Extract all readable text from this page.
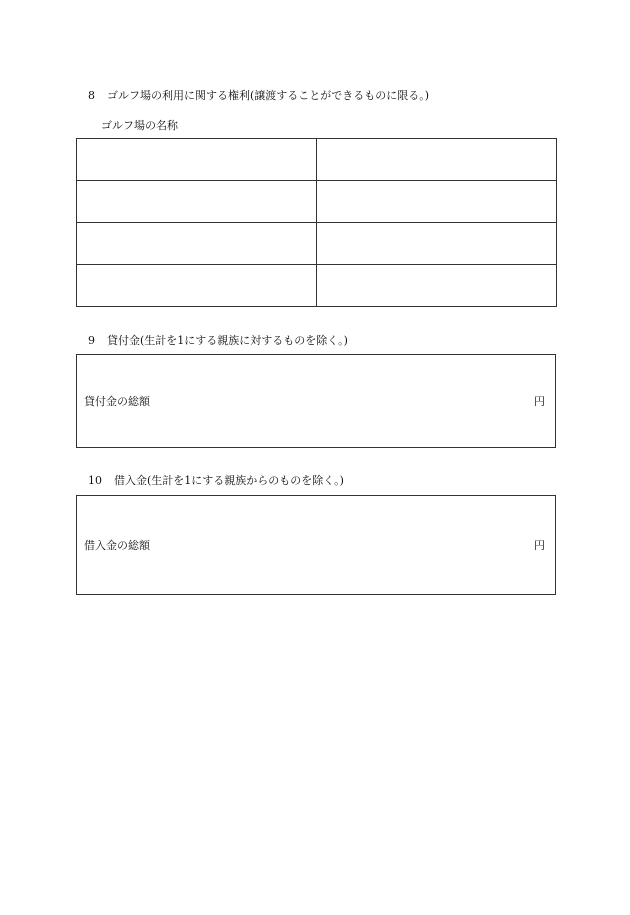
8 ゴルフ場の利用に関する権利(譲渡することができるものに限る。)
ゴルフ場の名称

9 貸付金(生計を1にする親族に対するものを除く。)
貸付金の総額	円
10 借入金(生計を1にする親族からのものを除く。)
借入金の総額	円
